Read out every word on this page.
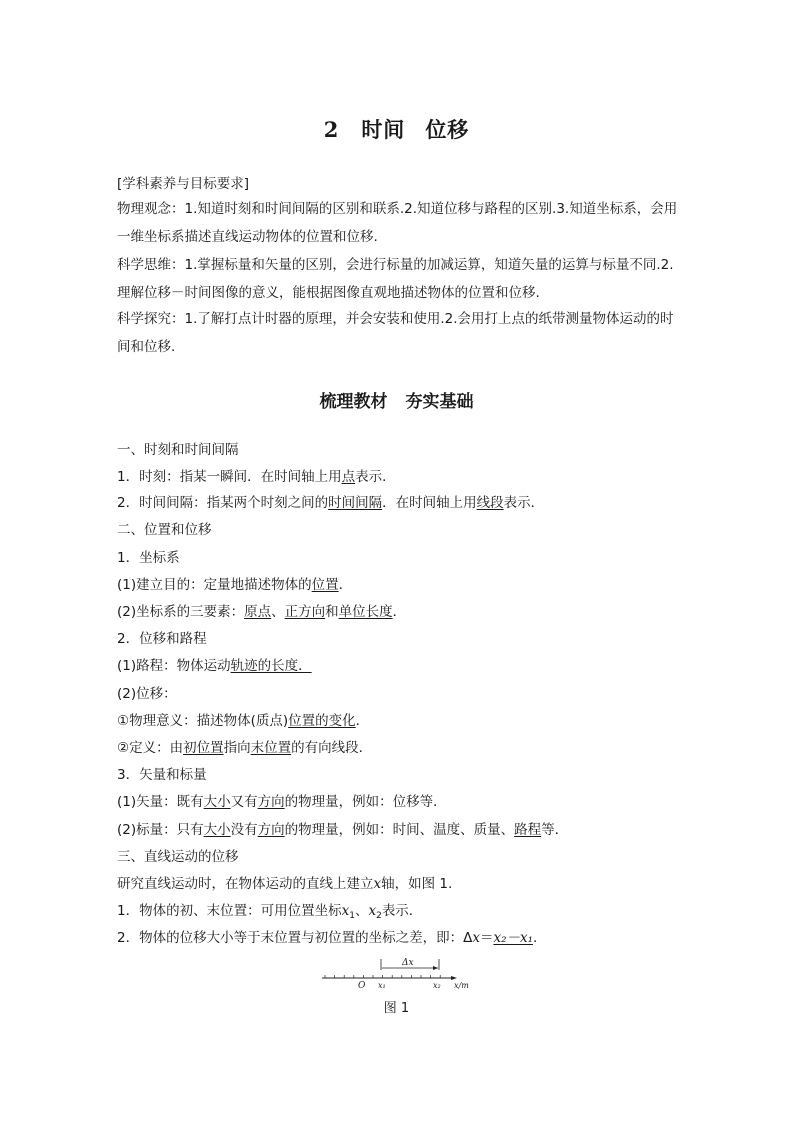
2 时间 位移
[学科素养与目标要求]
物理观念：1.知道时刻和时间间隔的区别和联系.2.知道位移与路程的区别.3.知道坐标系，会用一维坐标系描述直线运动物体的位置和位移.
科学思维：1.掌握标量和矢量的区别，会进行标量的加减运算，知道矢量的运算与标量不同.2.理解位移－时间图像的意义，能根据图像直观地描述物体的位置和位移.
科学探究：1.了解打点计时器的原理，并会安装和使用.2.会用打上点的纸带测量物体运动的时间和位移.
梳理教材 夯实基础
一、时刻和时间间隔
1．时刻：指某一瞬间．在时间轴上用点表示．
2．时间间隔：指某两个时刻之间的时间间隔．在时间轴上用线段表示．
二、位置和位移
1．坐标系
(1)建立目的：定量地描述物体的位置．
(2)坐标系的三要素：原点、正方向和单位长度．
2．位移和路程
(1)路程：物体运动轨迹的长度．
(2)位移：
①物理意义：描述物体(质点)位置的变化．
②定义：由初位置指向末位置的有向线段．
3．矢量和标量
(1)矢量：既有大小又有方向的物理量，例如：位移等．
(2)标量：只有大小没有方向的物理量，例如：时间、温度、质量、路程等．
三、直线运动的位移
研究直线运动时，在物体运动的直线上建立x轴，如图 1.
1．物体的初、末位置：可用位置坐标$x_1$、$x_2$表示．
2．物体的位移大小等于末位置与初位置的坐标之差，即：Δx＝x₂－x₁.
Δx
O x₁	x₂ x/m
图 1
